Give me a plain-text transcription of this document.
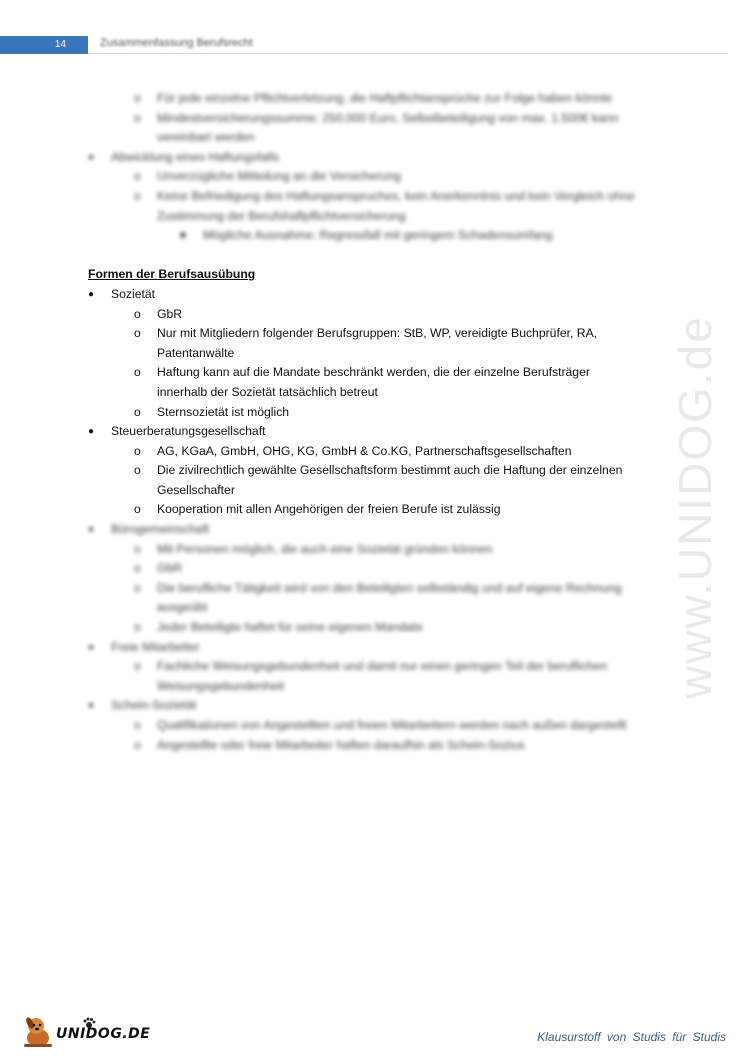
14	Zusammenfassung Berufsrecht
www.UNIDOG.de
o Für jede einzelne Pflichtverletzung, die Haftpflichtansprüche zur Folge haben könnte
o Mindestversicherungssumme: 250.000 Euro, Selbstbeteiligung von max. 1.500€ kann
vereinbart werden
● Abwicklung eines Haftungsfalls
o Unverzügliche Mitteilung an die Versicherung
o Keine Befriedigung des Haftungsanspruches, kein Anerkenntnis und kein Vergleich ohne
Zustimmung der Berufshaftpflichtversicherung
■ Mögliche Ausnahme: Regressfall mit geringem Schadensumfang
Formen der Berufsausübung
● Sozietät
o GbR
o Nur mit Mitgliedern folgender Berufsgruppen: StB, WP, vereidigte Buchprüfer, RA,
Patentanwälte
o Haftung kann auf die Mandate beschränkt werden, die der einzelne Berufsträger
innerhalb der Sozietät tatsächlich betreut
o Sternsozietät ist möglich
● Steuerberatungsgesellschaft
o AG, KGaA, GmbH, OHG, KG, GmbH & Co.KG, Partnerschaftsgesellschaften
o Die zivilrechtlich gewählte Gesellschaftsform bestimmt auch die Haftung der einzelnen
Gesellschafter
o Kooperation mit allen Angehörigen der freien Berufe ist zulässig
● Bürogemeinschaft
o Mit Personen möglich, die auch eine Sozietät gründen können
o GbR
o Die berufliche Tätigkeit wird von den Beteiligten selbständig und auf eigene Rechnung
ausgeübt
o Jeder Beteiligte haftet für seine eigenen Mandate
● Freie Mitarbeiter
o Fachliche Weisungsgebundenheit und damit nur einen geringen Teil der beruflichen
Weisungsgebundenheit
● Schein-Sozietät
o Qualifikationen von Angestellten und freien Mitarbeitern werden nach außen dargestellt
o Angestellte oder freie Mitarbeiter haften daraufhin als Schein-Sozius
UNIDOG.DE	Klausurstoff von Studis für Studis
